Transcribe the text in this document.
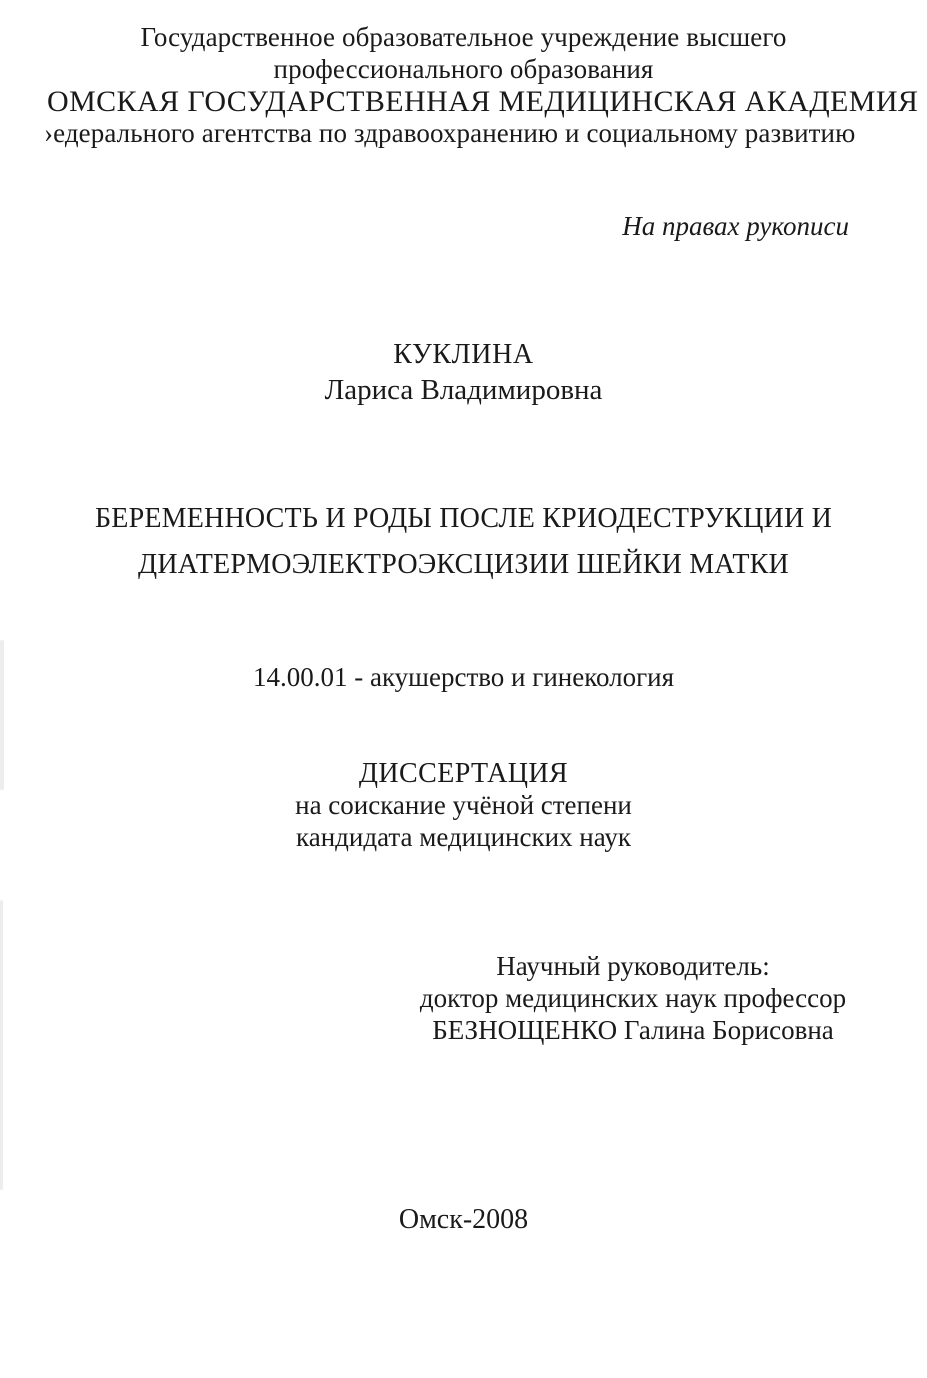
Государственное образовательное учреждение высшего
профессионального образования
ОМСКАЯ ГОСУДАРСТВЕННАЯ МЕДИЦИНСКАЯ АКАДЕМИЯ
›едерального агентства по здравоохранению и социальному развитию
На правах рукописи
КУКЛИНА
Лариса Владимировна
БЕРЕМЕННОСТЬ И РОДЫ ПОСЛЕ КРИОДЕСТРУКЦИИ И
ДИАТЕРМОЭЛЕКТРОЭКСЦИЗИИ ШЕЙКИ МАТКИ
14.00.01 - акушерство и гинекология
ДИССЕРТАЦИЯ
на соискание учёной степени
кандидата медицинских наук
Научный руководитель:
доктор медицинских наук профессор
БЕЗНОЩЕНКО Галина Борисовна
Омск-2008
